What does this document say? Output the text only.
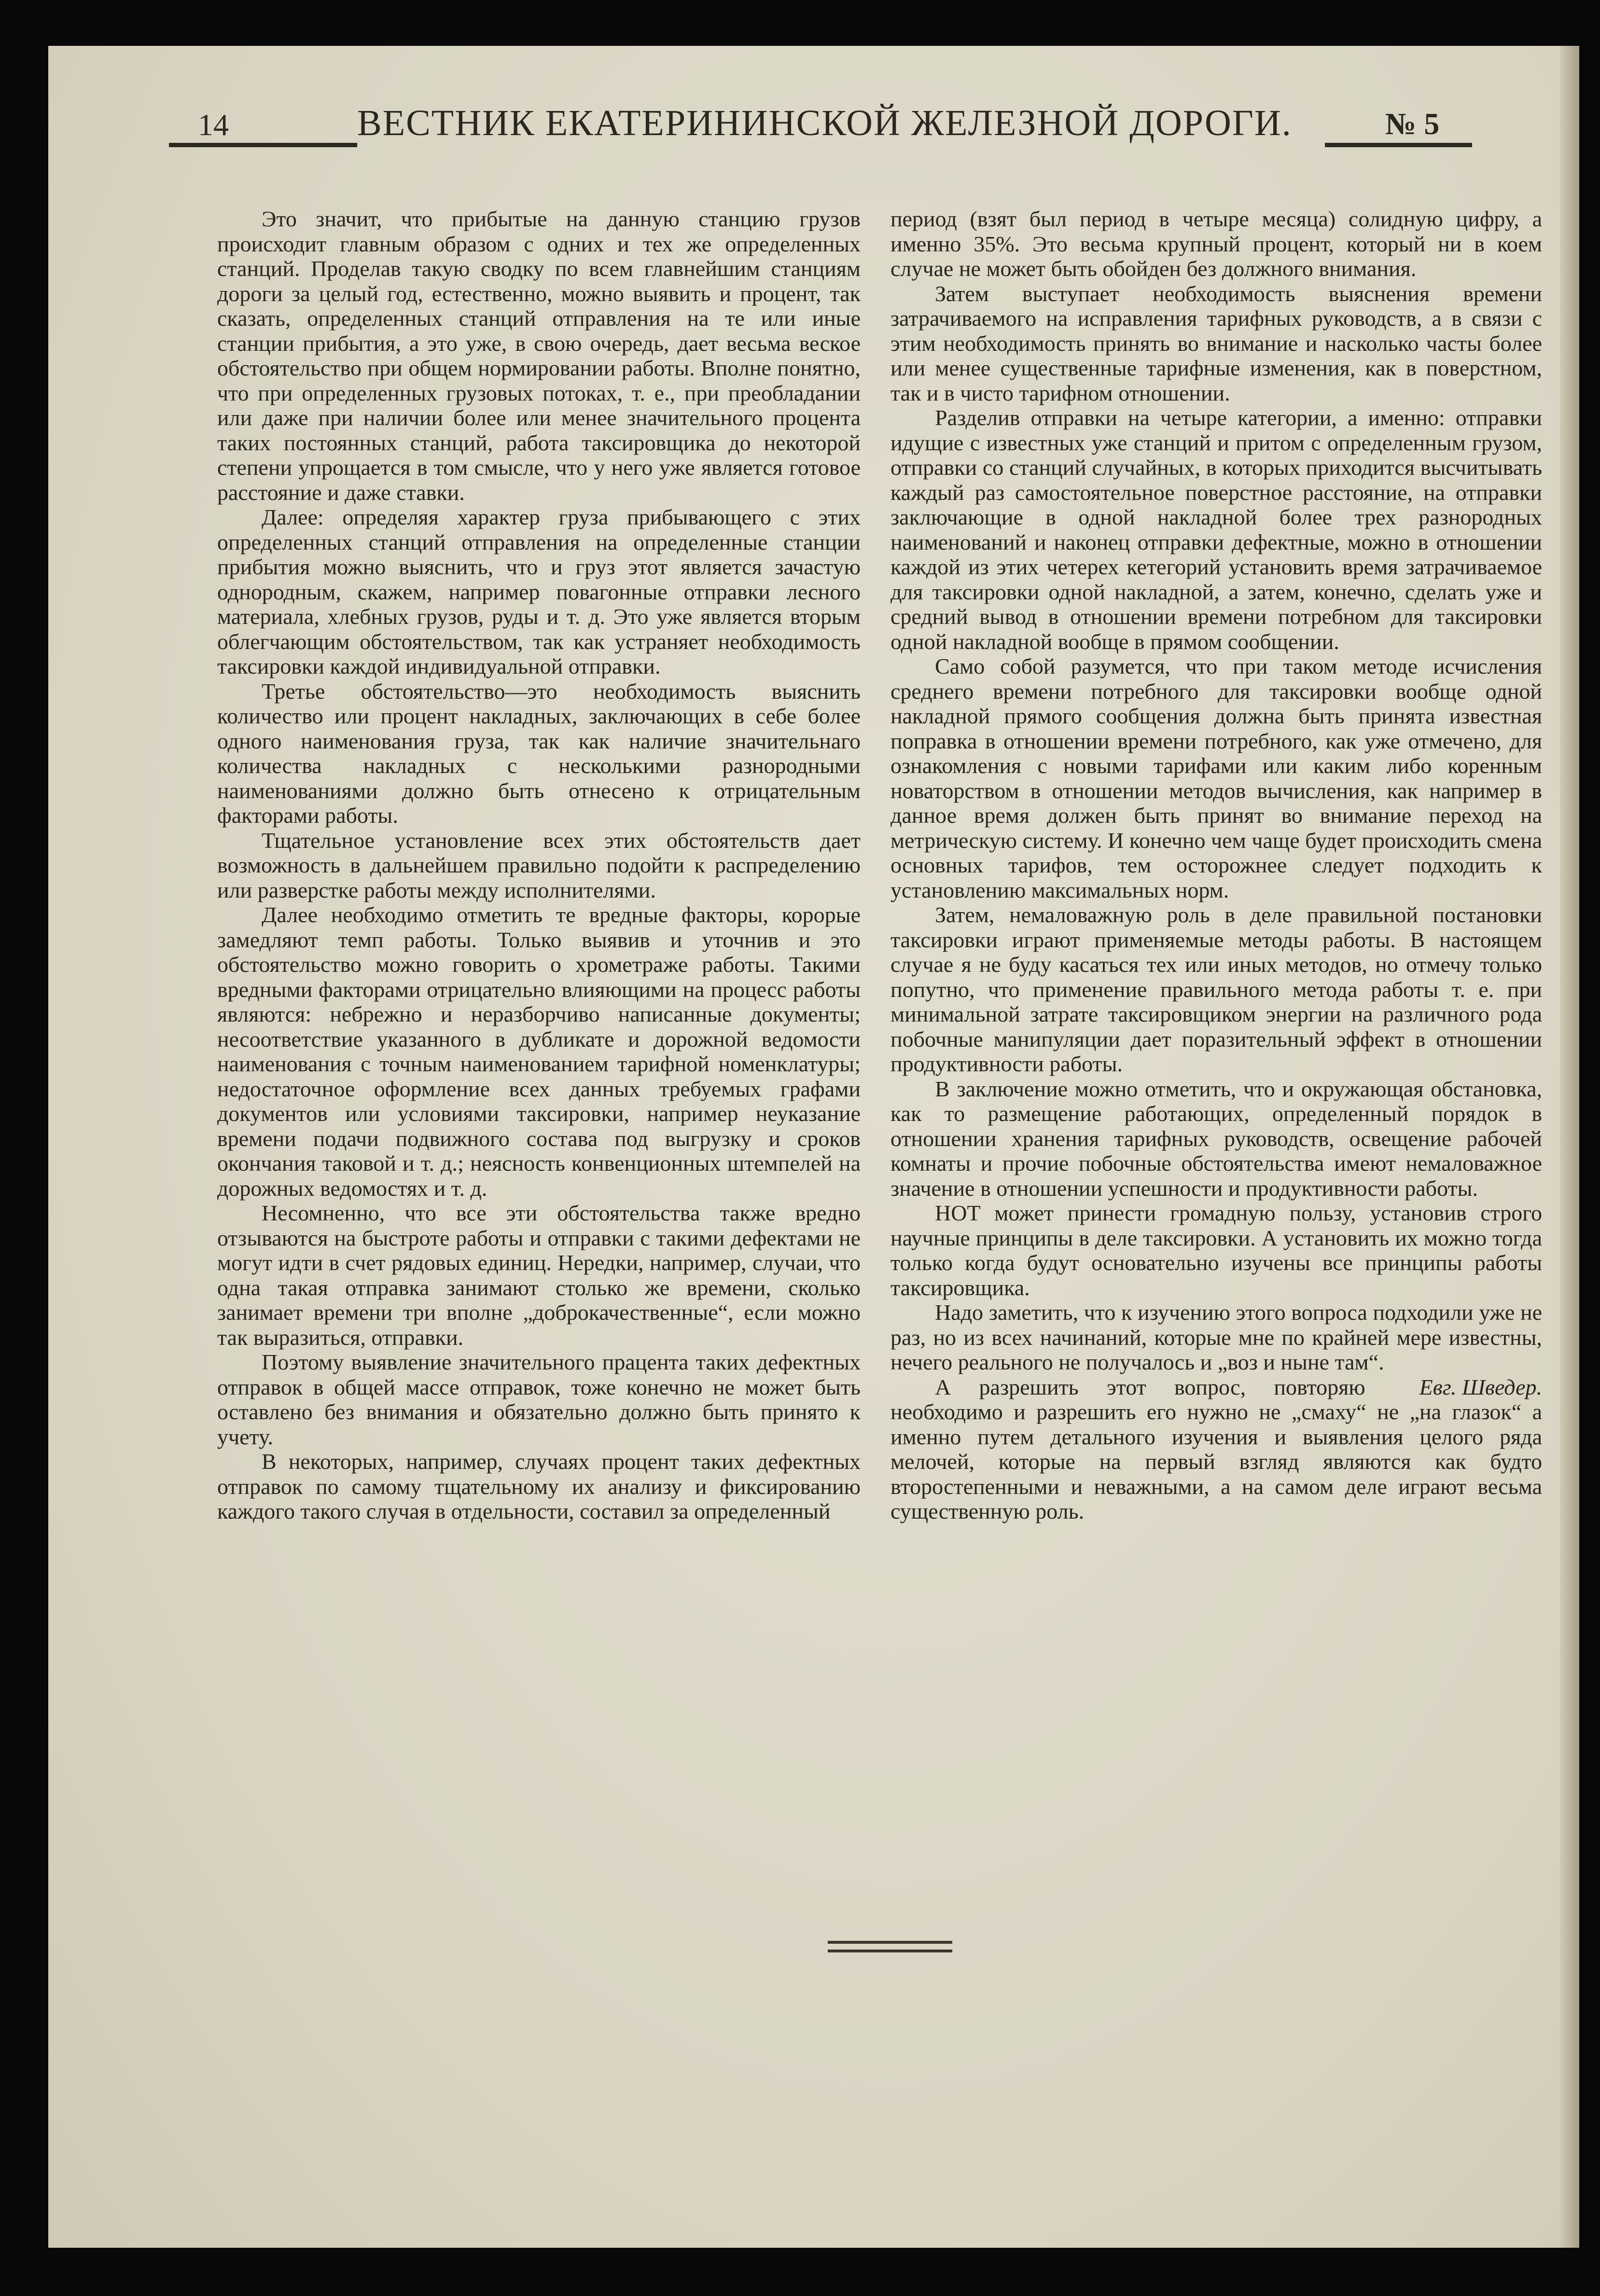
14	ВЕСТНИК ЕКАТЕРИНИНСКОЙ ЖЕЛЕЗНОЙ ДОРОГИ.	№ 5

Это значит, что прибытые на данную станцию грузов происходит главным образом с одних и тех же определенных станций. Проделав такую сводку по всем главнейшим станциям дороги за целый год, естественно, можно выявить и процент, так сказать, определенных станций отправления на те или иные станции прибытия, а это уже, в свою очередь, дает весьма веское обстоятельство при общем нормировании работы. Вполне понятно, что при определенных грузовых потоках, т. е., при преобладании или даже при наличии более или менее значительного процента таких постоянных станций, работа таксировщика до некоторой степени упрощается в том смысле, что у него уже является готовое расстояние и даже ставки.

Далее: определяя характер груза прибывающего с этих определенных станций отправления на определенные станции прибытия можно выяснить, что и груз этот является зачастую однородным, скажем, например повагонные отправки лесного материала, хлебных грузов, руды и т. д. Это уже является вторым облегчающим обстоятельством, так как устраняет необходимость таксировки каждой индивидуальной отправки.

Третье обстоятельство—это необходимость выяснить количество или процент накладных, заключающих в себе более одного наименования груза, так как наличие значительнаго количества накладных с несколькими разнородными наименованиями должно быть отнесено к отрицательным факторами работы.

Тщательное установление всех этих обстоятельств дает возможность в дальнейшем правильно подойти к распределению или разверстке работы между исполнителями.

Далее необходимо отметить те вредные факторы, корорые замедляют темп работы. Только выявив и уточнив и это обстоятельство можно говорить о хрометраже работы. Такими вредными факторами отрицательно влияющими на процесс работы являются: небрежно и неразборчиво написанные документы; несоответствие указанного в дубликате и дорожной ведомости наименования с точным наименованием тарифной номенклатуры; недостаточное оформление всех данных требуемых графами документов или условиями таксировки, например неуказание времени подачи подвижного состава под выгрузку и сроков окончания таковой и т. д.; неясность конвенционных штемпелей на дорожных ведомостях и т. д.

Несомненно, что все эти обстоятельства также вредно отзываются на быстроте работы и отправки с такими дефектами не могут идти в счет рядовых единиц. Нередки, например, случаи, что одна такая отправка занимают столько же времени, сколько занимает времени три вполне „доброкачественные“, если можно так выразиться, отправки.

Поэтому выявление значительного працента таких дефектных отправок в общей массе отправок, тоже конечно не может быть оставлено без внимания и обязательно должно быть принято к учету.

В некоторых, например, случаях процент таких дефектных отправок по самому тщательному их анализу и фиксированию каждого такого случая в отдельности, составил за определенный

период (взят был период в четыре месяца) солидную цифру, а именно 35%. Это весьма крупный процент, который ни в коем случае не может быть обойден без должного внимания.

Затем выступает необходимость выяснения времени затрачиваемого на исправления тарифных руководств, а в связи с этим необходимость принять во внимание и насколько часты более или менее существенные тарифные изменения, как в поверстном, так и в чисто тарифном отношении.

Разделив отправки на четыре категории, а именно: отправки идущие с известных уже станций и притом с определенным грузом, отправки со станций случайных, в которых приходится высчитывать каждый раз самостоятельное поверстное расстояние, на отправки заключающие в одной накладной более трех разнородных наименований и наконец отправки дефектные, можно в отношении каждой из этих четерех кетегорий установить время затрачиваемое для таксировки одной накладной, а затем, конечно, сделать уже и средний вывод в отношении времени потребном для таксировки одной накладной вообще в прямом сообщении.

Само собой разумется, что при таком методе исчисления среднего времени потребного для таксировки вообще одной накладной прямого сообщения должна быть принята известная поправка в отношении времени потребного, как уже отмечено, для ознакомления с новыми тарифами или каким либо коренным новаторством в отношении методов вычисления, как например в данное время должен быть принят во внимание переход на метрическую систему. И конечно чем чаще будет происходить смена основных тарифов, тем осторожнее следует подходить к установлению максимальных норм.

Затем, немаловажную роль в деле правильной постановки таксировки играют применяемые методы работы. В настоящем случае я не буду касаться тех или иных методов, но отмечу только попутно, что применение правильного метода работы т. е. при минимальной затрате таксировщиком энергии на различного рода побочные манипуляции дает поразительный эффект в отношении продуктивности работы.

В заключение можно отметить, что и окружающая обстановка, как то размещение работающих, определенный порядок в отношении хранения тарифных руководств, освещение рабочей комнаты и прочие побочные обстоятельства имеют немаловажное значение в отношении успешности и продуктивности работы.

НОТ может принести громадную пользу, установив строго научные принципы в деле таксировки. А установить их можно тогда только когда будут основательно изучены все принципы работы таксировщика.

Надо заметить, что к изучению этого вопроса подходили уже не раз, но из всех начинаний, которые мне по крайней мере известны, нечего реального не получалось и „воз и ныне там“.

Евг. Шведер.
А разрешить этот вопрос, повторяю необходимо и разрешить его нужно не „смаху“ не „на глазок“ а именно путем детального изучения и выявления целого ряда мелочей, которые на первый взгляд являются как будто второстепенными и неважными, а на самом деле играют весьма существенную роль.
